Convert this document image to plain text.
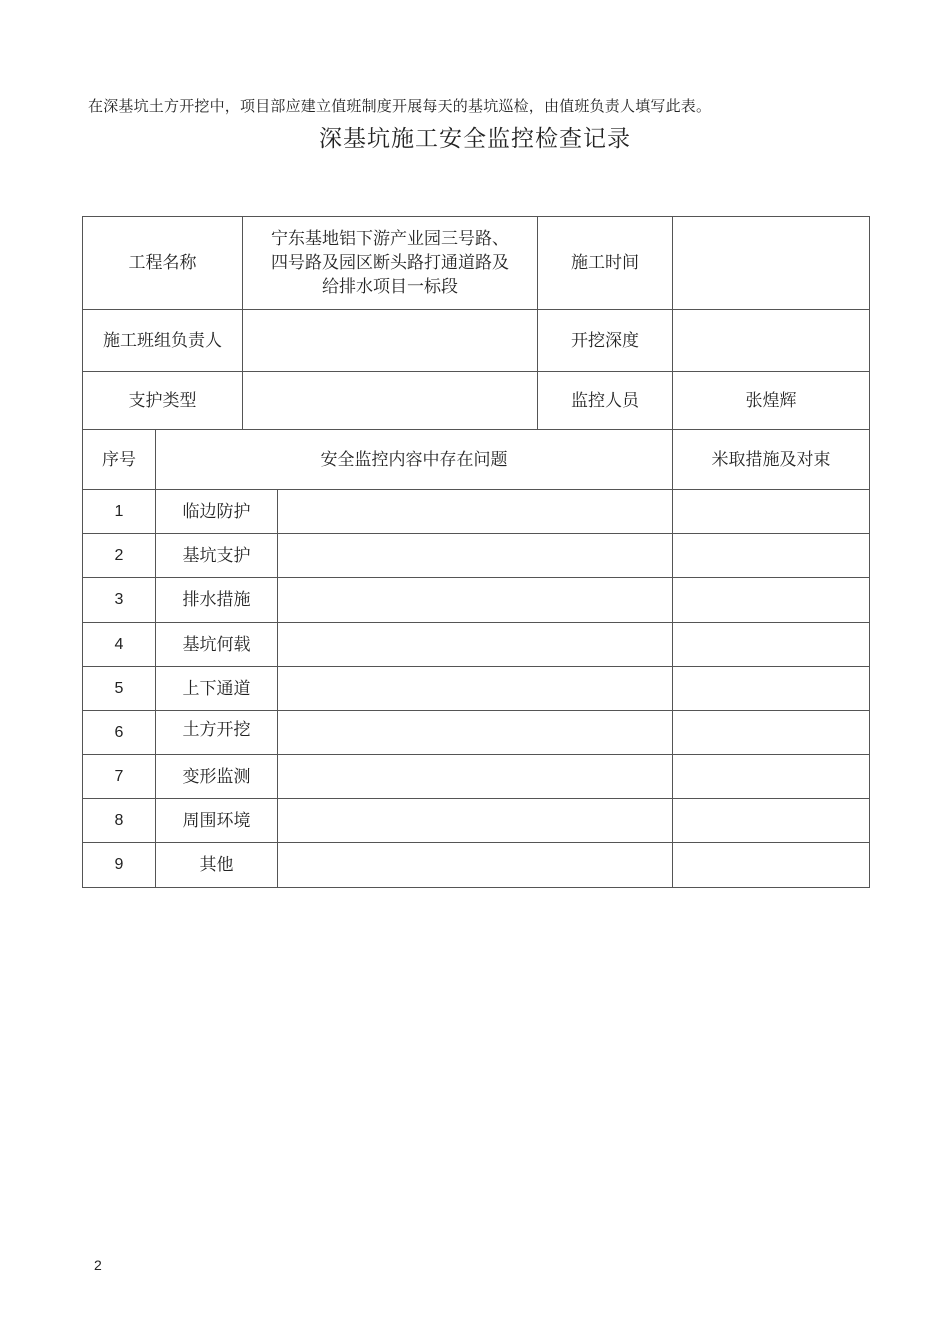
在深基坑土方开挖中，项目部应建立值班制度开展每天的基坑巡检，由值班负责人填写此表。
深基坑施工安全监控检查记录
工程名称	宁东基地铝下游产业园三号路、
四号路及园区断头路打通道路及
给排水项目一标段	施工时间	
施工班组负责人		开挖深度	
支护类型		监控人员	张煌辉
序号	安全监控内容中存在问题		米取措施及对束
1	临边防护		
2	基坑支护		
3	排水措施		
4	基坑何载		
5	上下通道		
6	土方开挖		
7	变形监测		
8	周围环境		
9	其他		
2
